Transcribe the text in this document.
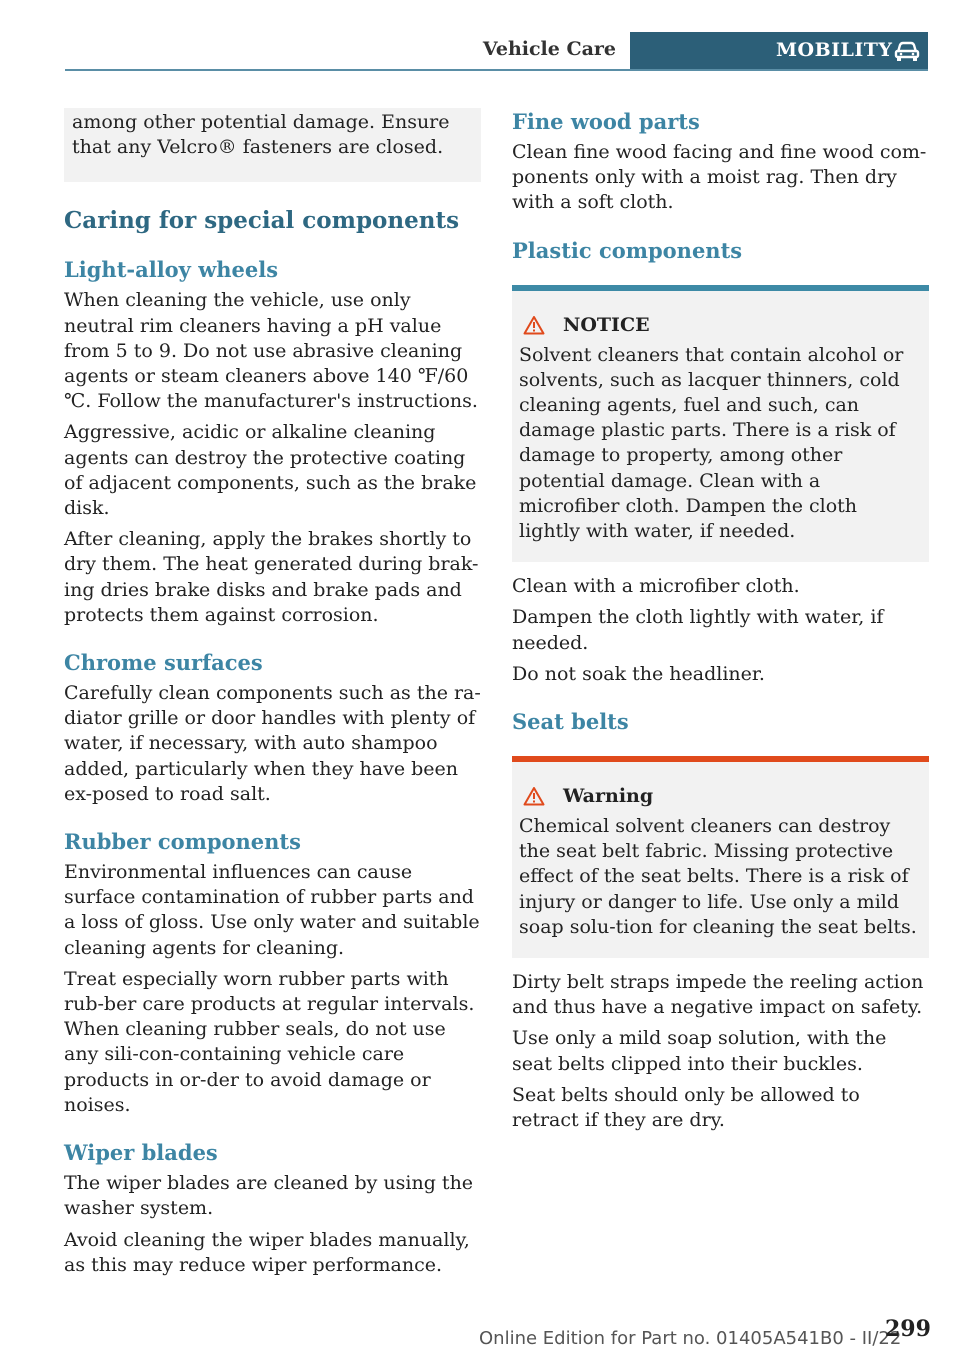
Vehicle Care	MOBILITY

among other potential damage. Ensure that any Velcro® fasteners are closed.

Caring for special components
Light-alloy wheels

When cleaning the vehicle, use only neutral rim cleaners having a pH value from 5 to 9. Do not use abrasive cleaning agents or steam cleaners above 140 ℉/60 ℃. Follow the manufacturer's instructions.

Aggressive, acidic or alkaline cleaning agents can destroy the protective coating of adjacent components, such as the brake disk.

After cleaning, apply the brakes shortly to dry them. The heat generated during brak-ing dries brake disks and brake pads and protects them against corrosion.

Chrome surfaces

Carefully clean components such as the ra-diator grille or door handles with plenty of water, if necessary, with auto shampoo added, particularly when they have been ex-posed to road salt.

Rubber components

Environmental influences can cause surface contamination of rubber parts and a loss of gloss. Use only water and suitable cleaning agents for cleaning.

Treat especially worn rubber parts with rub-ber care products at regular intervals. When cleaning rubber seals, do not use any sili-con-containing vehicle care products in or-der to avoid damage or noises.

Wiper blades

The wiper blades are cleaned by using the washer system.

Avoid cleaning the wiper blades manually, as this may reduce wiper performance.

Fine wood parts

Clean fine wood facing and fine wood com-ponents only with a moist rag. Then dry with a soft cloth.

Plastic components
NOTICE

Solvent cleaners that contain alcohol or solvents, such as lacquer thinners, cold cleaning agents, fuel and such, can damage plastic parts. There is a risk of damage to property, among other potential damage. Clean with a microfiber cloth. Dampen the cloth lightly with water, if needed.

Clean with a microfiber cloth.

Dampen the cloth lightly with water, if needed.

Do not soak the headliner.

Seat belts
Warning

Chemical solvent cleaners can destroy the seat belt fabric. Missing protective effect of the seat belts. There is a risk of injury or danger to life. Use only a mild soap solu-tion for cleaning the seat belts.

Dirty belt straps impede the reeling action and thus have a negative impact on safety.

Use only a mild soap solution, with the seat belts clipped into their buckles.

Seat belts should only be allowed to retract if they are dry.

Online Edition for Part no. 01405A541B0 - II/22
299
